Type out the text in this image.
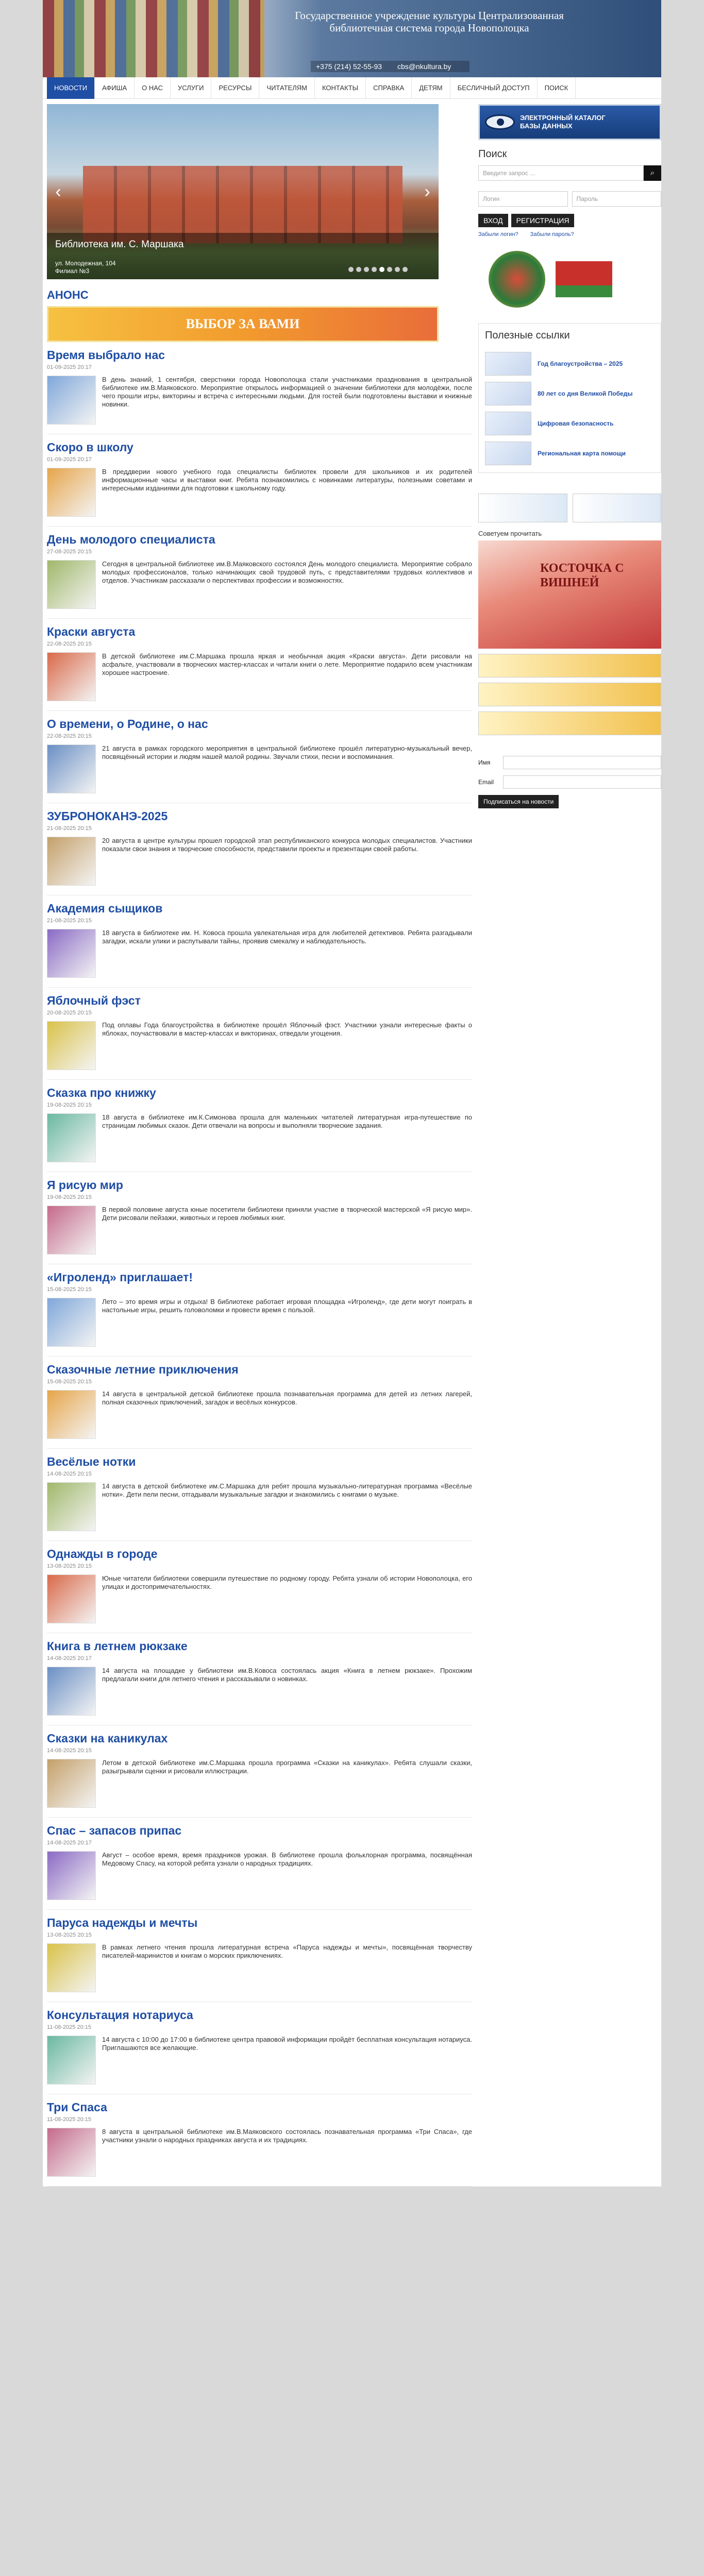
Государственное учреждение культуры Централизованная библиотечная система города Новополоцка
+375 (214) 52-55-93 cbs@nkultura.by
НОВОСТИ	АФИША	О НАС	УСЛУГИ	РЕСУРСЫ	ЧИТАТЕЛЯМ	КОНТАКТЫ	СПРАВКА	ДЕТЯМ	БЕСЛИЧНЫЙ ДОСТУП	ПОИСК
‹	›
Библиотека им. С. Маршака

ул. Молодежная, 104

Филиал №3

АНОНС
ВЫБОР ЗА ВАМИ
Время выбрало нас
01-09-2025 20:17
В день знаний, 1 сентября, сверстники города Новополоцка стали участниками празднования в центральной библиотеке им.В.Маяковского. Мероприятие открылось информацией о значении библиотеки для молодёжи, после чего прошли игры, викторины и встреча с интересными людьми. Для гостей были подготовлены выставки и книжные новинки.
Скоро в школу
01-09-2025 20:17
В преддверии нового учебного года специалисты библиотек провели для школьников и их родителей информационные часы и выставки книг. Ребята познакомились с новинками литературы, полезными советами и интересными изданиями для подготовки к школьному году.
День молодого специалиста
27-08-2025 20:15
Сегодня в центральной библиотеке им.В.Маяковского состоялся День молодого специалиста. Мероприятие собрало молодых профессионалов, только начинающих свой трудовой путь, с представителями трудовых коллективов и отделов. Участникам рассказали о перспективах профессии и возможностях.
Краски августа
22-08-2025 20:15
В детской библиотеке им.С.Маршака прошла яркая и необычная акция «Краски августа». Дети рисовали на асфальте, участвовали в творческих мастер-классах и читали книги о лете. Мероприятие подарило всем участникам хорошее настроение.
О времени, о Родине, о нас
22-08-2025 20:15
21 августа в рамках городского мероприятия в центральной библиотеке прошёл литературно-музыкальный вечер, посвящённый истории и людям нашей малой родины. Звучали стихи, песни и воспоминания.
ЗУБРОНОКАНЭ-2025
21-08-2025 20:15
20 августа в центре культуры прошел городской этап республиканского конкурса молодых специалистов. Участники показали свои знания и творческие способности, представили проекты и презентации своей работы.
Академия сыщиков
21-08-2025 20:15
18 августа в библиотеке им. Н. Ковоса прошла увлекательная игра для любителей детективов. Ребята разгадывали загадки, искали улики и распутывали тайны, проявив смекалку и наблюдательность.
Яблочный фэст
20-08-2025 20:15
Под оплавы Года благоустройства в библиотеке прошёл Яблочный фэст. Участники узнали интересные факты о яблоках, поучаствовали в мастер-классах и викторинах, отведали угощения.
Сказка про книжку
19-08-2025 20:15
18 августа в библиотеке им.К.Симонова прошла для маленьких читателей литературная игра-путешествие по страницам любимых сказок. Дети отвечали на вопросы и выполняли творческие задания.
Я рисую мир
19-08-2025 20:15
В первой половине августа юные посетители библиотеки приняли участие в творческой мастерской «Я рисую мир». Дети рисовали пейзажи, животных и героев любимых книг.
«Игроленд» приглашает!
15-08-2025 20:15
Лето – это время игры и отдыха! В библиотеке работает игровая площадка «Игроленд», где дети могут поиграть в настольные игры, решить головоломки и провести время с пользой.
Сказочные летние приключения
15-08-2025 20:15
14 августа в центральной детской библиотеке прошла познавательная программа для детей из летних лагерей, полная сказочных приключений, загадок и весёлых конкурсов.
Весёлые нотки
14-08-2025 20:15
14 августа в детской библиотеке им.С.Маршака для ребят прошла музыкально-литературная программа «Весёлые нотки». Дети пели песни, отгадывали музыкальные загадки и знакомились с книгами о музыке.
Однажды в городе
13-08-2025 20:15
Юные читатели библиотеки совершили путешествие по родному городу. Ребята узнали об истории Новополоцка, его улицах и достопримечательностях.
Книга в летнем рюкзаке
14-08-2025 20:17
14 августа на площадке у библиотеки им.В.Ковоса состоялась акция «Книга в летнем рюкзаке». Прохожим предлагали книги для летнего чтения и рассказывали о новинках.
Сказки на каникулах
14-08-2025 20:15
Летом в детской библиотеке им.С.Маршака прошла программа «Сказки на каникулах». Ребята слушали сказки, разыгрывали сценки и рисовали иллюстрации.
Спас – запасов припас
14-08-2025 20:17
Август – особое время, время праздников урожая. В библиотеке прошла фольклорная программа, посвящённая Медовому Спасу, на которой ребята узнали о народных традициях.
Паруса надежды и мечты
13-08-2025 20:15
В рамках летнего чтения прошла литературная встреча «Паруса надежды и мечты», посвящённая творчеству писателей-маринистов и книгам о морских приключениях.
Консультация нотариуса
11-08-2025 20:15
14 августа с 10:00 до 17:00 в библиотеке центра правовой информации пройдёт бесплатная консультация нотариуса. Приглашаются все желающие.
Три Спаса
11-08-2025 20:15
8 августа в центральной библиотеке им.В.Маяковского состоялась познавательная программа «Три Спаса», где участники узнали о народных праздниках августа и их традициях.
ЭЛЕКТРОННЫЙ КАТАЛОГ
БАЗЫ ДАННЫХ
Поиск
Введите запрос ...	⌕
Логин	Пароль
ВХОД	РЕГИСТРАЦИЯ
Забыли логин? Забыли пароль?
Полезные ссылки
Год благоустройства – 2025
80 лет со дня Великой Победы
Цифровая безопасность
Региональная карта помощи
Советуем прочитать
КОСТОЧКА С ВИШНЕЙ
Имя
Email
Подписаться на новости
